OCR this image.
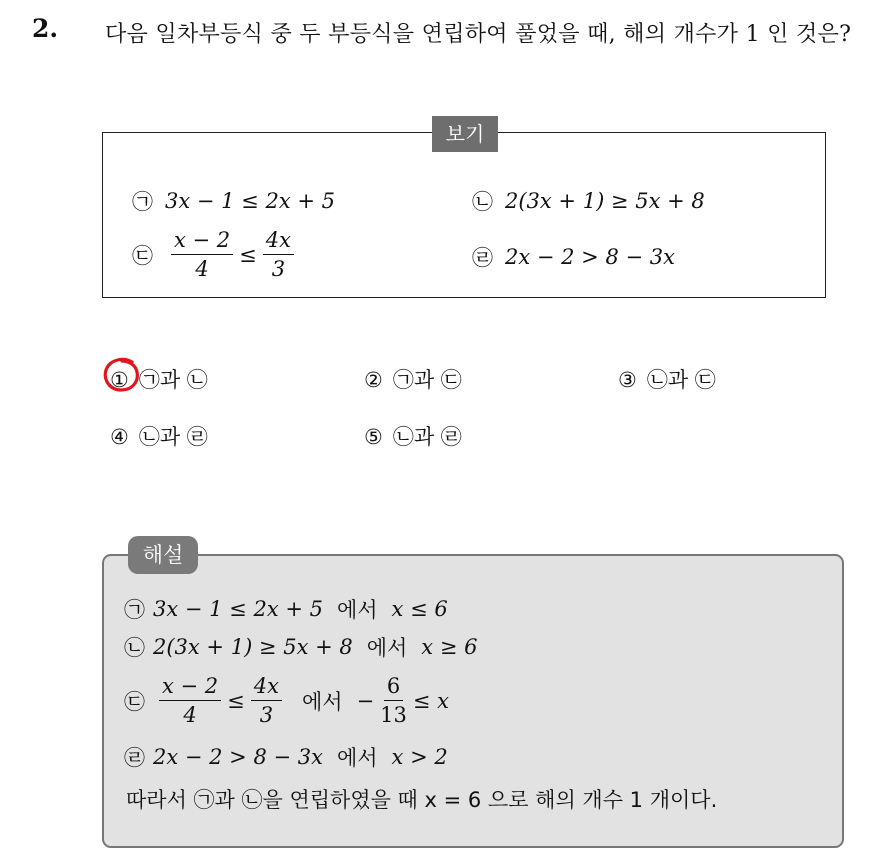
2. 다음 일차부등식 중 두 부등식을 연립하여 풀었을 때, 해의 개수가 1 인 것은?
보기
㉠ 3x − 1 ≤ 2x + 5	㉡ 2(3x + 1) ≥ 5x + 8
㉢ $\frac{x - 2}{4} \le \frac{4x}{3}$	㉣ 2x − 2 > 8 − 3x
① ㉠과 ㉡	② ㉠과 ㉢	③ ㉡과 ㉢
④ ㉡과 ㉣	⑤ ㉡과 ㉣
해설
㉠ 3x − 1 ≤ 2x + 5 에서 x ≤ 6
㉡ 2(3x + 1) ≥ 5x + 8 에서 x ≥ 6
㉢ $\frac{x - 2}{4} \le \frac{4x}{3}$ 에서 − $\frac{6}{13} \le x$
㉣ 2x − 2 > 8 − 3x 에서 x > 2
따라서 ㉠과 ㉡을 연립하였을 때 x = 6 으로 해의 개수 1 개이다.
